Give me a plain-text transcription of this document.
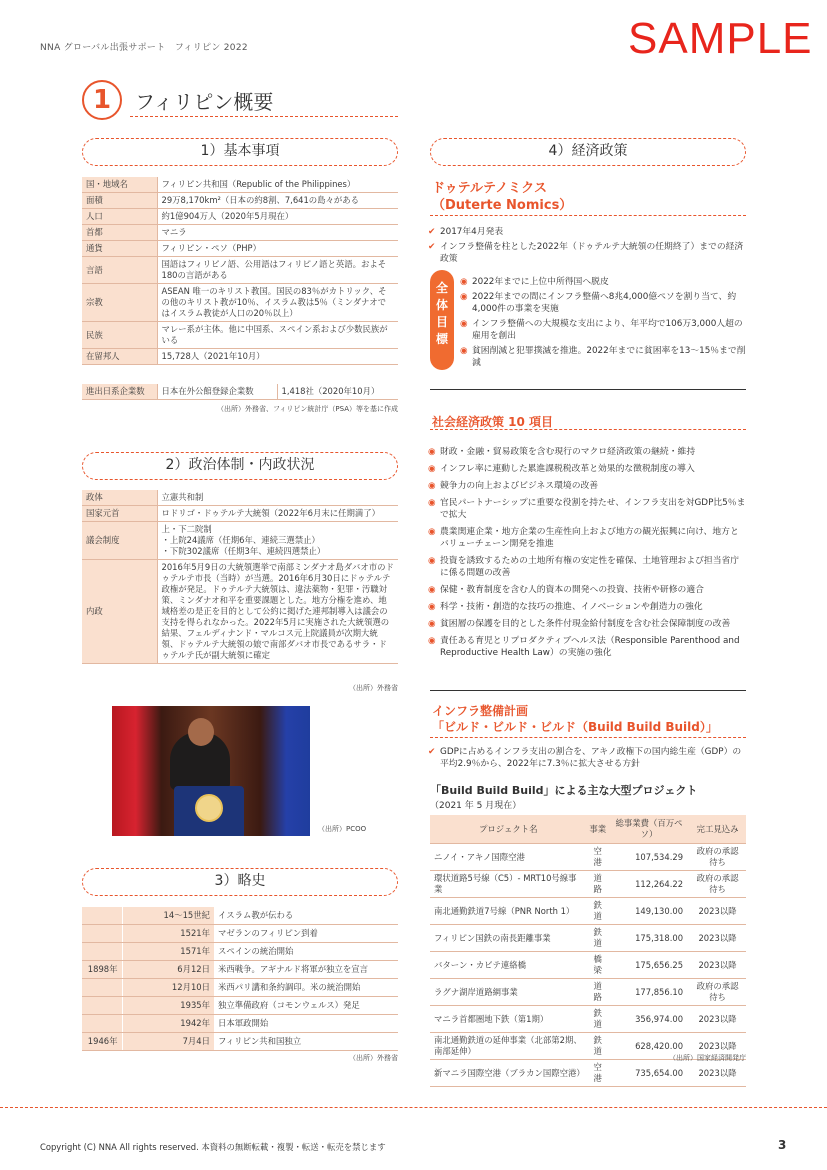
NNA グローバル出張サポート　フィリピン 2022	SAMPLE
1	フィリピン概要
1）基本事項
国・地域名	フィリピン共和国（Republic of the Philippines）
面積	29万8,170km²（日本の約8割、7,641の島々がある
人口	約1億904万人（2020年5月現在）
首都	マニラ
通貨	フィリピン・ペソ（PHP）
言語	国語はフィリピノ語、公用語はフィリピノ語と英語。およそ180の言語がある
宗教	ASEAN 唯一のキリスト教国。国民の83％がカトリック、その他のキリスト教が10％、イスラム教は5％（ミンダナオではイスラム教徒が人口の20％以上）
民族	マレー系が主体。他に中国系、スペイン系および少数民族がいる
在留邦人	15,728人（2021年10月）
進出日系企業数	日本在外公館登録企業数	1,418社（2020年10月）
（出所）外務省、フィリピン統計庁（PSA）等を基に作成
2）政治体制・内政状況
政体	立憲共和制
国家元首	ロドリゴ・ドゥテルテ大統領（2022年6月末に任期満了）
議会制度	上・下二院制
・上院24議席（任期6年、連続三選禁止）
・下院302議席（任期3年、連続四選禁止）
内政	2016年5月9日の大統領選挙で南部ミンダナオ島ダバオ市のドゥテルテ市長（当時）が当選。2016年6月30日にドゥテルテ政権が発足。ドゥテルテ大統領は、違法薬物・犯罪・汚職対策、ミンダナオ和平を重要課題とした。地方分権を進め、地域格差の是正を目的として公約に掲げた連邦制導入は議会の支持を得られなかった。2022年5月に実施された大統領選の結果、フェルディナンド・マルコス元上院議員が次期大統領、ドゥテルテ大統領の娘で南部ダバオ市長であるサラ・ドゥテルテ氏が副大統領に確定
（出所）外務省
（出所）PCOO
3）略史
	14～15世紀	イスラム教が伝わる
	1521年	マゼランのフィリピン到着
	1571年	スペインの統治開始
1898年	6月12日	米西戦争。アギナルド将軍が独立を宣言
	12月10日	米西パリ講和条約調印。米の統治開始
	1935年	独立準備政府（コモンウェルス）発足
	1942年	日本軍政開始
1946年	7月4日	フィリピン共和国独立
（出所）外務省
4）経済政策
ドゥテルテノミクス
（Duterte Nomics）
✔ 2017年4月発表
✔ インフラ整備を柱とした2022年（ドゥテルテ大統領の任期終了）までの経済政策
全
体
目
標
◉ 2022年までに上位中所得国へ脱皮
◉ 2022年までの間にインフラ整備へ8兆4,000億ペソを割り当て、約4,000件の事業を実施
◉ インフラ整備への大規模な支出により、年平均で106万3,000人超の雇用を創出
◉ 貧困削減と犯罪撲滅を推進。2022年までに貧困率を13～15％まで削減
社会経済政策 10 項目
◉ 財政・金融・貿易政策を含む現行のマクロ経済政策の継続・維持
◉ インフレ率に連動した累進課税税改革と効果的な徴税制度の導入
◉ 競争力の向上およびビジネス環境の改善
◉ 官民パートナーシップに重要な役割を持たせ、インフラ支出を対GDP比5％まで拡大
◉ 農業関連企業・地方企業の生産性向上および地方の観光振興に向け、地方とバリューチェーン開発を推進
◉ 投資を誘致するための土地所有権の安定性を確保、土地管理および担当省庁に係る問題の改善
◉ 保健・教育制度を含む人的資本の開発への投資、技術や研修の適合
◉ 科学・技術・創造的な技巧の推進、イノベーションや創造力の強化
◉ 貧困層の保護を目的とした条件付現金給付制度を含む社会保障制度の改善
◉ 責任ある育児とリプロダクティブヘルス法（Responsible Parenthood and Reproductive Health Law）の実施の強化
インフラ整備計画
「ビルド・ビルド・ビルド（Build Build Build）」
✔ GDPに占めるインフラ支出の割合を、アキノ政権下の国内総生産（GDP）の平均2.9％から、2022年に7.3％に拡大させる方針
「Build Build Build」による主な大型プロジェクト
（2021 年 5 月現在）
プロジェクト名	事業	総事業費（百万ペソ）	完工見込み
ニノイ・アキノ国際空港	空港	107,534.29	政府の承認待ち
環状道路5号線（C5）- MRT10号線事業	道路	112,264.22	政府の承認待ち
南北通勤鉄道7号線（PNR North 1）	鉄道	149,130.00	2023以降
フィリピン国鉄の南長距離事業	鉄道	175,318.00	2023以降
バターン・カビテ連絡橋	橋梁	175,656.25	2023以降
ラグナ湖岸道路網事業	道路	177,856.10	政府の承認待ち
マニラ首都圏地下鉄（第1期）	鉄道	356,974.00	2023以降
南北通勤鉄道の延伸事業（北部第2期、南部延伸）	鉄道	628,420.00	2023以降
新マニラ国際空港（ブラカン国際空港）	空港	735,654.00	2023以降
（出所）国家経済開発庁
Copyright (C) NNA All rights reserved. 本資料の無断転載・複製・転送・転売を禁じます	3
